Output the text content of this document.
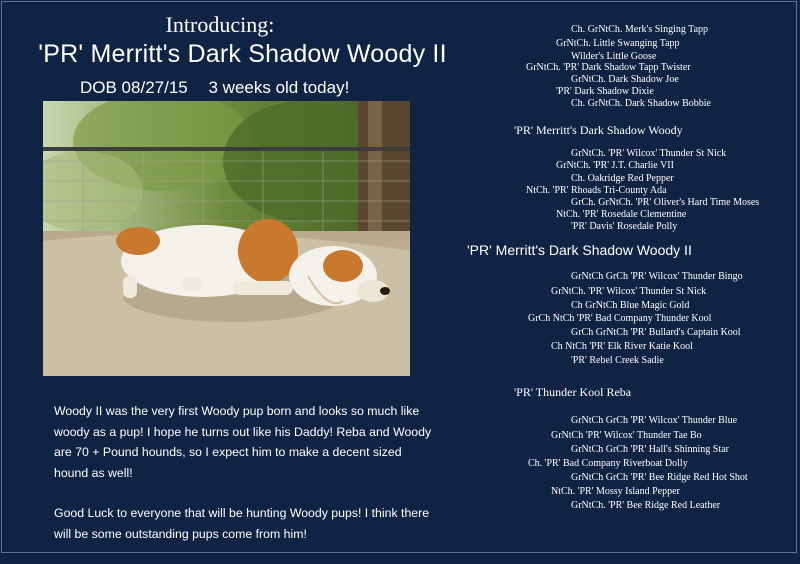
Introducing:
'PR' Merritt's Dark Shadow Woody II
DOB 08/27/15 3 weeks old today!

Woody II was the very first Woody pup born and looks so much like woody as a pup! I hope he turns out like his Daddy! Reba and Woody are 70 + Pound hounds, so I expect him to make a decent sized hound as well!

Good Luck to everyone that will be hunting Woody pups! I think there will be some outstanding pups come from him!

Ch. GrNtCh. Merk's Singing Tapp
GrNtCh. Little Swanging Tapp
Wilder's Little Goose
GrNtCh. 'PR' Dark Shadow Tapp Twister
GrNtCh. Dark Shadow Joe
'PR' Dark Shadow Dixie
Ch. GrNtCh. Dark Shadow Bobbie
'PR' Merritt's Dark Shadow Woody
GrNtCh. 'PR' Wilcox' Thunder St Nick
GrNtCh. 'PR' J.T. Charlie VII
Ch. Oakridge Red Pepper
NtCh. 'PR' Rhoads Tri-County Ada
GrCh. GrNtCh. 'PR' Oliver's Hard Time Moses
NtCh. 'PR' Rosedale Clementine
'PR' Davis' Rosedale Polly
'PR' Merritt's Dark Shadow Woody II
GrNtCh GrCh 'PR' Wilcox' Thunder Bingo
GrNtCh. 'PR' Wilcox' Thunder St Nick
Ch GrNtCh Blue Magic Gold
GrCh NtCh 'PR' Bad Company Thunder Kool
GrCh GrNtCh 'PR' Bullard's Captain Kool
Ch NtCh 'PR' Elk River Katie Kool
'PR' Rebel Creek Sadie
'PR' Thunder Kool Reba
GrNtCh GrCh 'PR' Wilcox' Thunder Blue
GrNtCh 'PR' Wilcox' Thunder Tae Bo
GrNtCh GrCh 'PR' Hall's Shinning Star
Ch. 'PR' Bad Company Riverboat Dolly
GrNtCh GrCh 'PR' Bee Ridge Red Hot Shot
NtCh. 'PR' Mossy Island Pepper
GrNtCh. 'PR' Bee Ridge Red Leather
